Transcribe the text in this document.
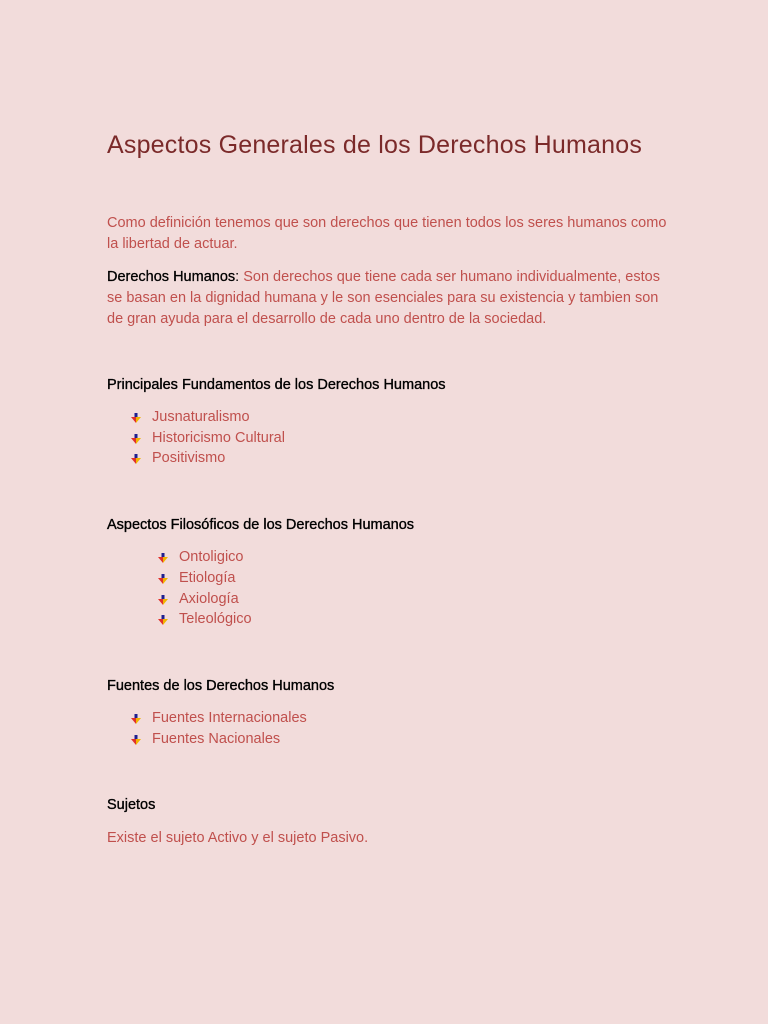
Aspectos Generales de los Derechos Humanos

Como definición tenemos que son derechos que tienen todos los seres humanos como la libertad de actuar.

Derechos Humanos: Son derechos que tiene cada ser humano individualmente, estos se basan en la dignidad humana y le son esenciales para su existencia y tambien son de gran ayuda para el desarrollo de cada uno dentro de la sociedad.

Principales Fundamentos de los Derechos Humanos
Jusnaturalismo
Historicismo Cultural
Positivismo
Aspectos Filosóficos de los Derechos Humanos
Ontoligico
Etiología
Axiología
Teleológico
Fuentes de los Derechos Humanos
Fuentes Internacionales
Fuentes Nacionales
Sujetos

Existe el sujeto Activo y el sujeto Pasivo.
